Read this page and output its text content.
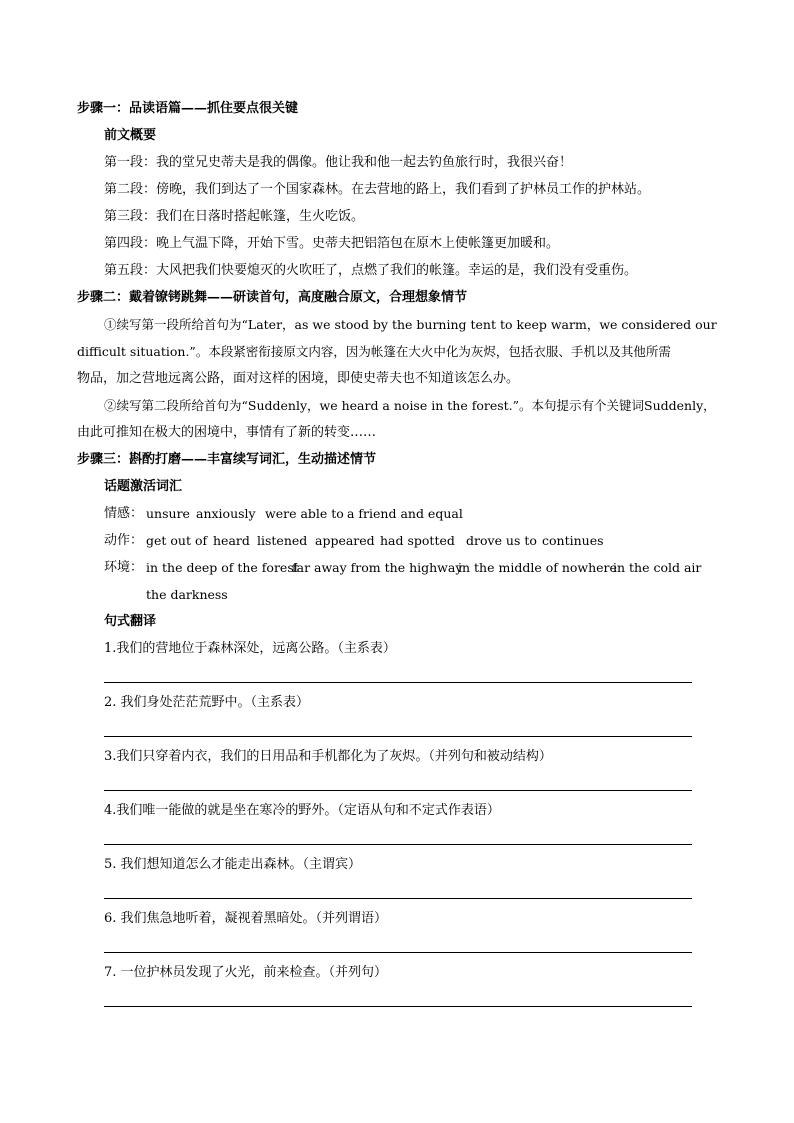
步骤一：品读语篇——抓住要点很关键
前文概要
第一段：我的堂兄史蒂夫是我的偶像。他让我和他一起去钓鱼旅行时，我很兴奋！
第二段：傍晚，我们到达了一个国家森林。在去营地的路上，我们看到了护林员工作的护林站。
第三段：我们在日落时搭起帐篷，生火吃饭。
第四段：晚上气温下降，开始下雪。史蒂夫把铝箔包在原木上使帐篷更加暖和。
第五段：大风把我们快要熄灭的火吹旺了，点燃了我们的帐篷。幸运的是，我们没有受重伤。
步骤二：戴着镣铐跳舞——研读首句，高度融合原文，合理想象情节
①续写第一段所给首句为“Later，as we stood by the burning tent to keep warm，we considered our
difficult situation.”。本段紧密衔接原文内容，因为帐篷在大火中化为灰烬，包括衣服、手机以及其他所需
物品，加之营地远离公路，面对这样的困境，即使史蒂夫也不知道该怎么办。
②续写第二段所给首句为“Suddenly，we heard a noise in the forest.”。本句提示有个关键词Suddenly，
由此可推知在极大的困境中，事情有了新的转变……
步骤三：斟酌打磨——丰富续写词汇，生动描述情节
话题激活词汇
情感： unsure anxiously were able to a friend and equal
动作： get out of heard listened appeared had spotted drove us to continues
环境： in the deep of the forest
far away from the highway
in the middle of nowhere
in the cold air
the darkness
句式翻译
1.我们的营地位于森林深处，远离公路。（主系表）
2. 我们身处茫茫荒野中。（主系表）
3.我们只穿着内衣，我们的日用品和手机都化为了灰烬。（并列句和被动结构）
4.我们唯一能做的就是坐在寒冷的野外。（定语从句和不定式作表语）
5. 我们想知道怎么才能走出森林。（主谓宾）
6. 我们焦急地听着，凝视着黑暗处。（并列谓语）
7. 一位护林员发现了火光，前来检查。（并列句）
